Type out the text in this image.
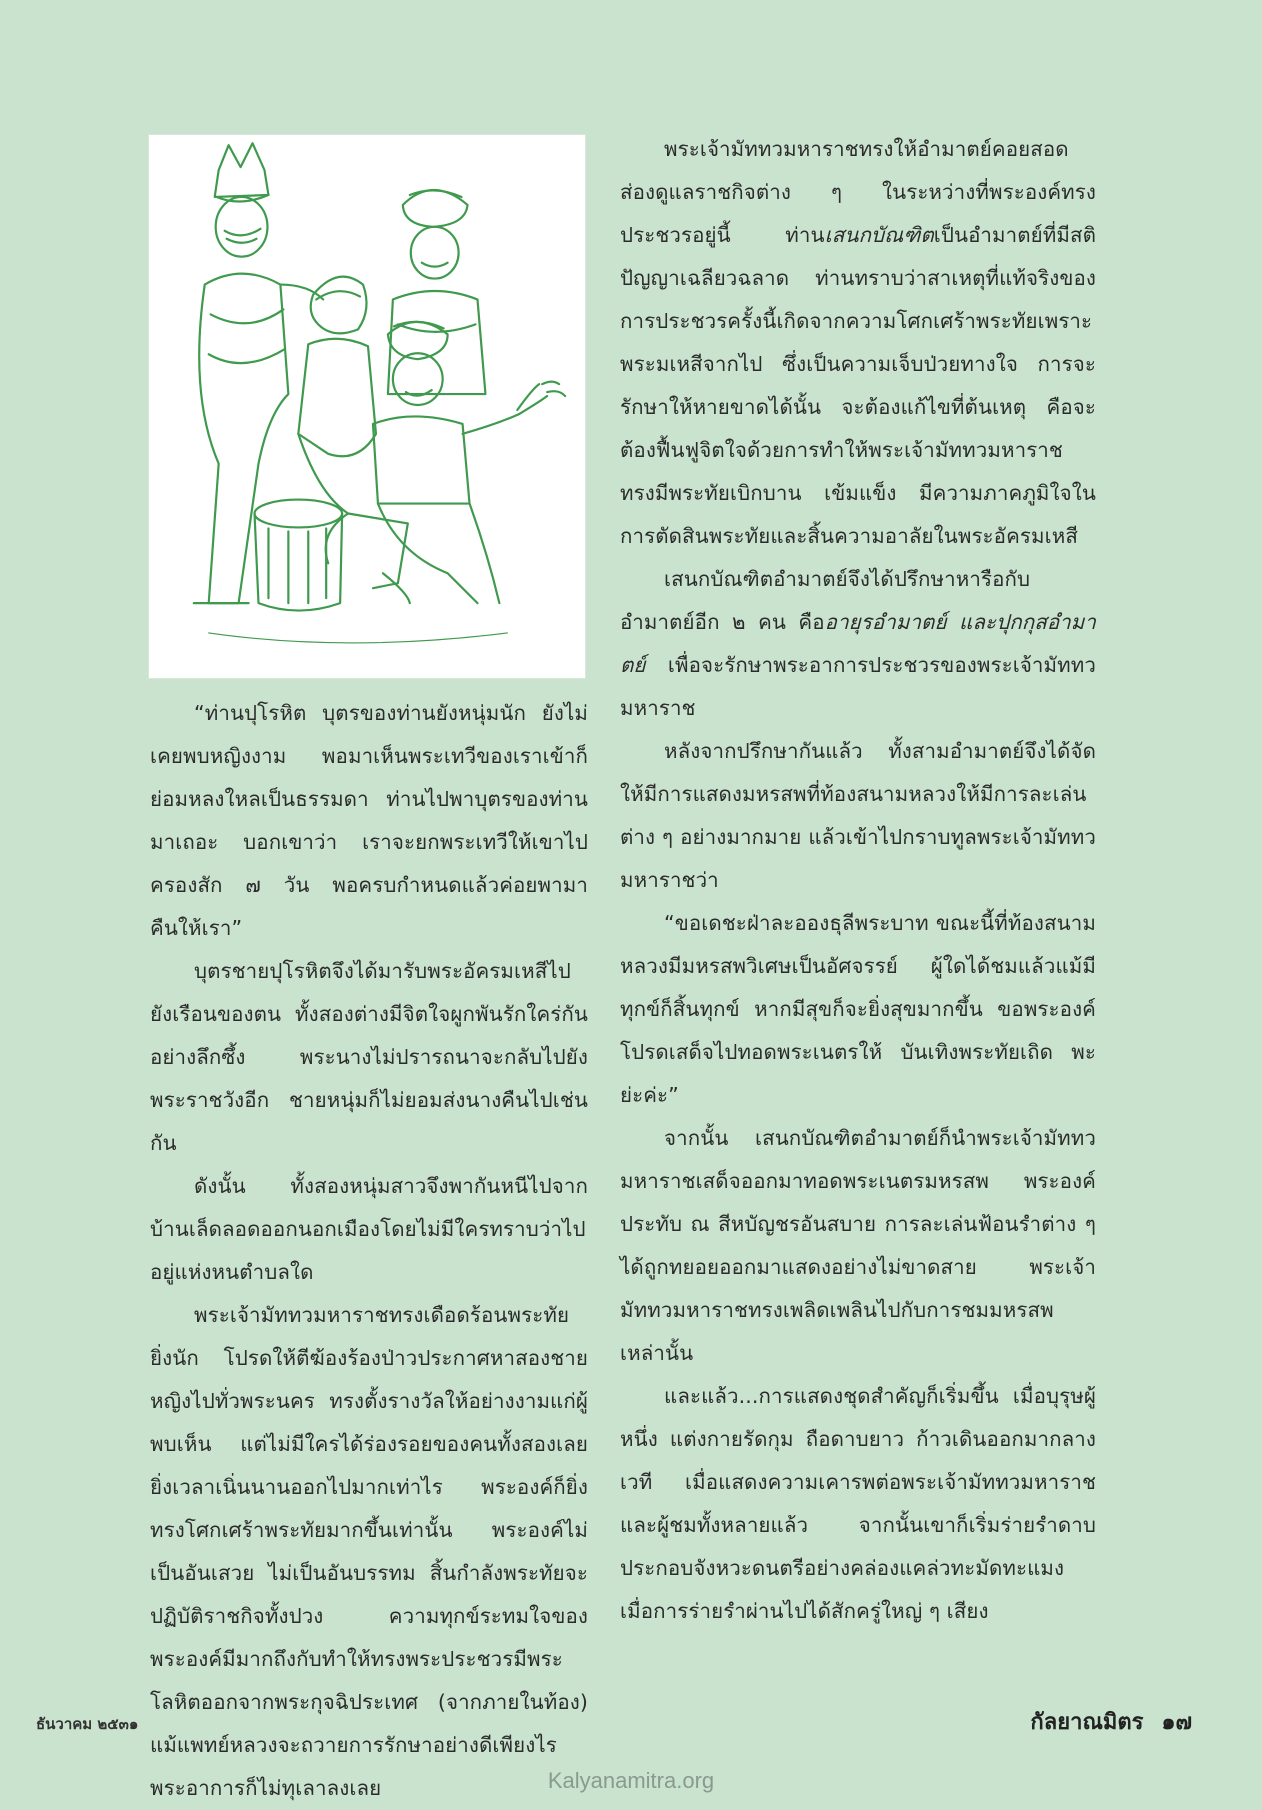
“ท่านปุโรหิต บุตรของท่านยังหนุ่มนัก ยังไม่เคยพบหญิงงาม พอมาเห็นพระเทวีของเราเข้าก็ย่อมหลงใหลเป็นธรรมดา ท่านไปพาบุตรของท่านมาเถอะ บอกเขาว่า เราจะยกพระเทวีให้เขาไปครองสัก ๗ วัน พอครบกำหนดแล้วค่อยพามาคืนให้เรา”

บุตรชายปุโรหิตจึงได้มารับพระอัครมเหสีไปยังเรือนของตน ทั้งสองต่างมีจิตใจผูกพันรักใคร่กันอย่างลึกซึ้ง พระนางไม่ปรารถนาจะกลับไปยังพระราชวังอีก ชายหนุ่มก็ไม่ยอมส่งนางคืนไปเช่นกัน

ดังนั้น ทั้งสองหนุ่มสาวจึงพากันหนีไปจากบ้านเล็ดลอดออกนอกเมืองโดยไม่มีใครทราบว่าไปอยู่แห่งหนตำบลใด

พระเจ้ามัททวมหาราชทรงเดือดร้อนพระทัยยิ่งนัก โปรดให้ตีฆ้องร้องป่าวประกาศหาสองชายหญิงไปทั่วพระนคร ทรงตั้งรางวัลให้อย่างงามแก่ผู้พบเห็น แต่ไม่มีใครได้ร่องรอยของคนทั้งสองเลย ยิ่งเวลาเนิ่นนานออกไปมากเท่าไร พระองค์ก็ยิ่งทรงโศกเศร้าพระทัยมากขึ้นเท่านั้น พระองค์ไม่เป็นอันเสวย ไม่เป็นอันบรรทม สิ้นกำลังพระทัยจะปฏิบัติราชกิจทั้งปวง ความทุกข์ระทมใจของพระองค์มีมากถึงกับทำให้ทรงพระประชวรมีพระโลหิตออกจากพระกุจฉิประเทศ (จากภายในท้อง) แม้แพทย์หลวงจะถวายการรักษาอย่างดีเพียงไร พระอาการก็ไม่ทุเลาลงเลย

พระเจ้ามัททวมหาราชทรงให้อำมาตย์คอยสอดส่องดูแลราชกิจต่าง ๆ ในระหว่างที่พระองค์ทรงประชวรอยู่นี้ ท่านเสนกบัณฑิตเป็นอำมาตย์ที่มีสติปัญญาเฉลียวฉลาด ท่านทราบว่าสาเหตุที่แท้จริงของการประชวรครั้งนี้เกิดจากความโศกเศร้าพระทัยเพราะพระมเหสีจากไป ซึ่งเป็นความเจ็บป่วยทางใจ การจะรักษาให้หายขาดได้นั้น จะต้องแก้ไขที่ต้นเหตุ คือจะต้องฟื้นฟูจิตใจด้วยการทำให้พระเจ้ามัททวมหาราชทรงมีพระทัยเบิกบาน เข้มแข็ง มีความภาคภูมิใจในการตัดสินพระทัยและสิ้นความอาลัยในพระอัครมเหสี

เสนกบัณฑิตอำมาตย์จึงได้ปรึกษาหารือกับอำมาตย์อีก ๒ คน คืออายุรอำมาตย์ และปุกกุสอำมาตย์ เพื่อจะรักษาพระอาการประชวรของพระเจ้ามัททวมหาราช

หลังจากปรึกษากันแล้ว ทั้งสามอำมาตย์จึงได้จัดให้มีการแสดงมหรสพที่ท้องสนามหลวงให้มีการละเล่นต่าง ๆ อย่างมากมาย แล้วเข้าไปกราบทูลพระเจ้ามัททวมหาราชว่า

“ขอเดชะฝ่าละอองธุลีพระบาท ขณะนี้ที่ท้องสนามหลวงมีมหรสพวิเศษเป็นอัศจรรย์ ผู้ใดได้ชมแล้วแม้มีทุกข์ก็สิ้นทุกข์ หากมีสุขก็จะยิ่งสุขมากขึ้น ขอพระองค์โปรดเสด็จไปทอดพระเนตรให้ บันเทิงพระทัยเถิด พะย่ะค่ะ”

จากนั้น เสนกบัณฑิตอำมาตย์ก็นำพระเจ้ามัททวมหาราชเสด็จออกมาทอดพระเนตรมหรสพ พระองค์ประทับ ณ สีหบัญชรอันสบาย การละเล่นฟ้อนรำต่าง ๆ ได้ถูกทยอยออกมาแสดงอย่างไม่ขาดสาย พระเจ้ามัททวมหาราชทรงเพลิดเพลินไปกับการชมมหรสพเหล่านั้น

และแล้ว...การแสดงชุดสำคัญก็เริ่มขึ้น เมื่อบุรุษผู้หนึ่ง แต่งกายรัดกุม ถือดาบยาว ก้าวเดินออกมากลางเวที เมื่อแสดงความเคารพต่อพระเจ้ามัททวมหาราช และผู้ชมทั้งหลายแล้ว จากนั้นเขาก็เริ่มร่ายรำดาบประกอบจังหวะดนตรีอย่างคล่องแคล่วทะมัดทะแมง เมื่อการร่ายรำผ่านไปได้สักครู่ใหญ่ ๆ เสียง

ธันวาคม ๒๕๓๑	กัลยาณมิตร ๑๗
Kalyanamitra.org
